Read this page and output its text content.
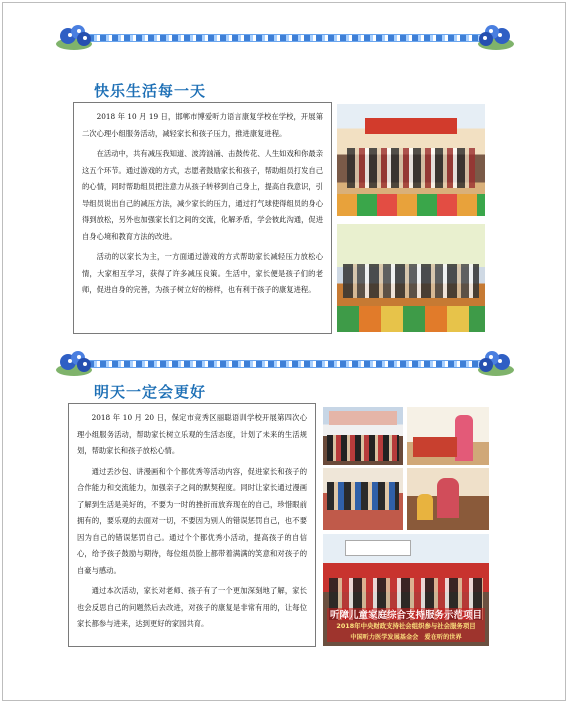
快乐生活每一天

2018 年 10 月 19 日，邯郸市博爱听力语言康复学校在学校，开展第二次心理小组服务活动，减轻家长和孩子压力，推进康复进程。

在活动中，共有减压我知道、波涛汹涌、击鼓传花、人生如戏和你最亲这五个环节。通过游戏的方式，志愿者鼓励家长和孩子，帮助组员打发自己的心情，同时帮助组员把注意力从孩子转移到自己身上，提高自我意识，引导组员说出自己的减压方法，减少家长的压力，通过打气球使得组员的身心得到放松，另外也加强家长们之间的交流，化解矛盾，学会彼此沟通，促进自身心境和教育方法的改进。

活动的以家长为主，一方面通过游戏的方式帮助家长减轻压力放松心情，大家相互学习，获得了许多减压良策。生活中，家长便是孩子们的老师，促进自身的完善，为孩子树立好的榜样，也有利于孩子的康复进程。

明天一定会更好

2018 年 10 月 20 日，保定市竞秀区丽聪语训学校开展第四次心理小组服务活动，帮助家长树立乐观的生活态度，计划了未来的生活规划，帮助家长和孩子放松心情。

通过丢沙包、讲漫画和个个都优秀等活动内容，促进家长和孩子的合作能力和交流能力，加强亲子之间的默契程度。同时让家长通过漫画了解到生活是美好的，不要为一时的挫折而放弃现在的自己，珍惜眼前拥有的，要乐观的去面对一切，不要因为别人的错误惩罚自己，也不要因为自己的错误惩罚自己。通过个个都优秀小活动，提高孩子的自信心，给予孩子鼓励与期待，每位组员脸上都带着满满的笑意和对孩子的自豪与感动。

通过本次活动，家长对老师、孩子有了一个更加深刻地了解，家长也会反思自己的问题然后去改进，对孩子的康复是非常有用的，让每位家长都参与进来，达到更好的家园共育。

听障儿童家庭综合支持服务示范项目
2018年中央财政支持社会组织参与社会服务项目
中国听力医学发展基金会　爱在听的世界
